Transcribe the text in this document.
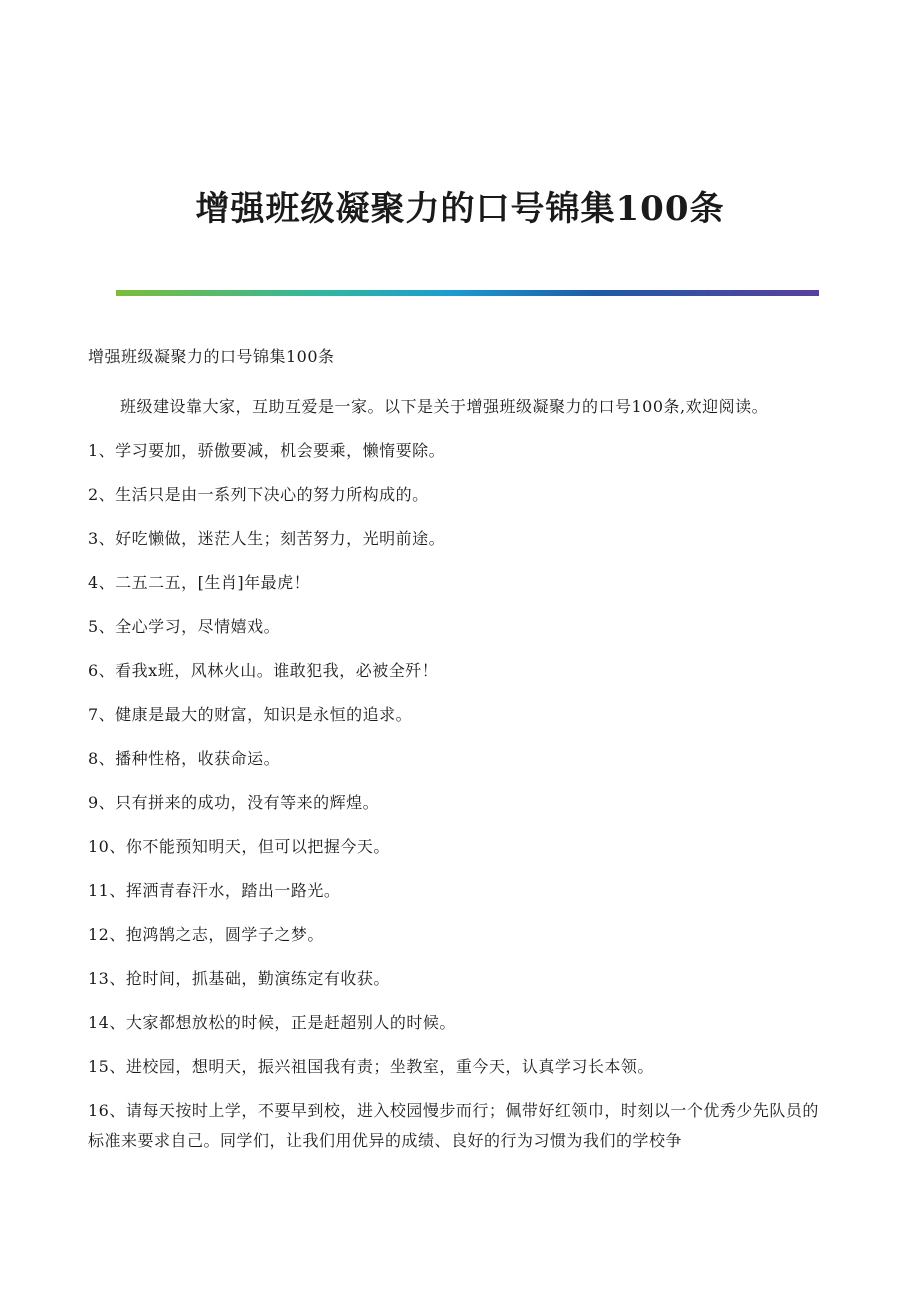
增强班级凝聚力的口号锦集100条

增强班级凝聚力的口号锦集100条

班级建设靠大家，互助互爱是一家。以下是关于增强班级凝聚力的口号100条,欢迎阅读。

1、学习要加，骄傲要减，机会要乘，懒惰要除。

2、生活只是由一系列下决心的努力所构成的。

3、好吃懒做，迷茫人生；刻苦努力，光明前途。

4、二五二五，[生肖]年最虎！

5、全心学习，尽情嬉戏。

6、看我x班，风林火山。谁敢犯我，必被全歼！

7、健康是最大的财富，知识是永恒的追求。

8、播种性格，收获命运。

9、只有拼来的成功，没有等来的辉煌。

10、你不能预知明天，但可以把握今天。

11、挥洒青春汗水，踏出一路光。

12、抱鸿鹄之志，圆学子之梦。

13、抢时间，抓基础，勤演练定有收获。

14、大家都想放松的时候，正是赶超别人的时候。

15、进校园，想明天，振兴祖国我有责；坐教室，重今天，认真学习长本领。

16、请每天按时上学，不要早到校，进入校园慢步而行；佩带好红领巾，时刻以一个优秀少先队员的标准来要求自己。同学们，让我们用优异的成绩、良好的行为习惯为我们的学校争
